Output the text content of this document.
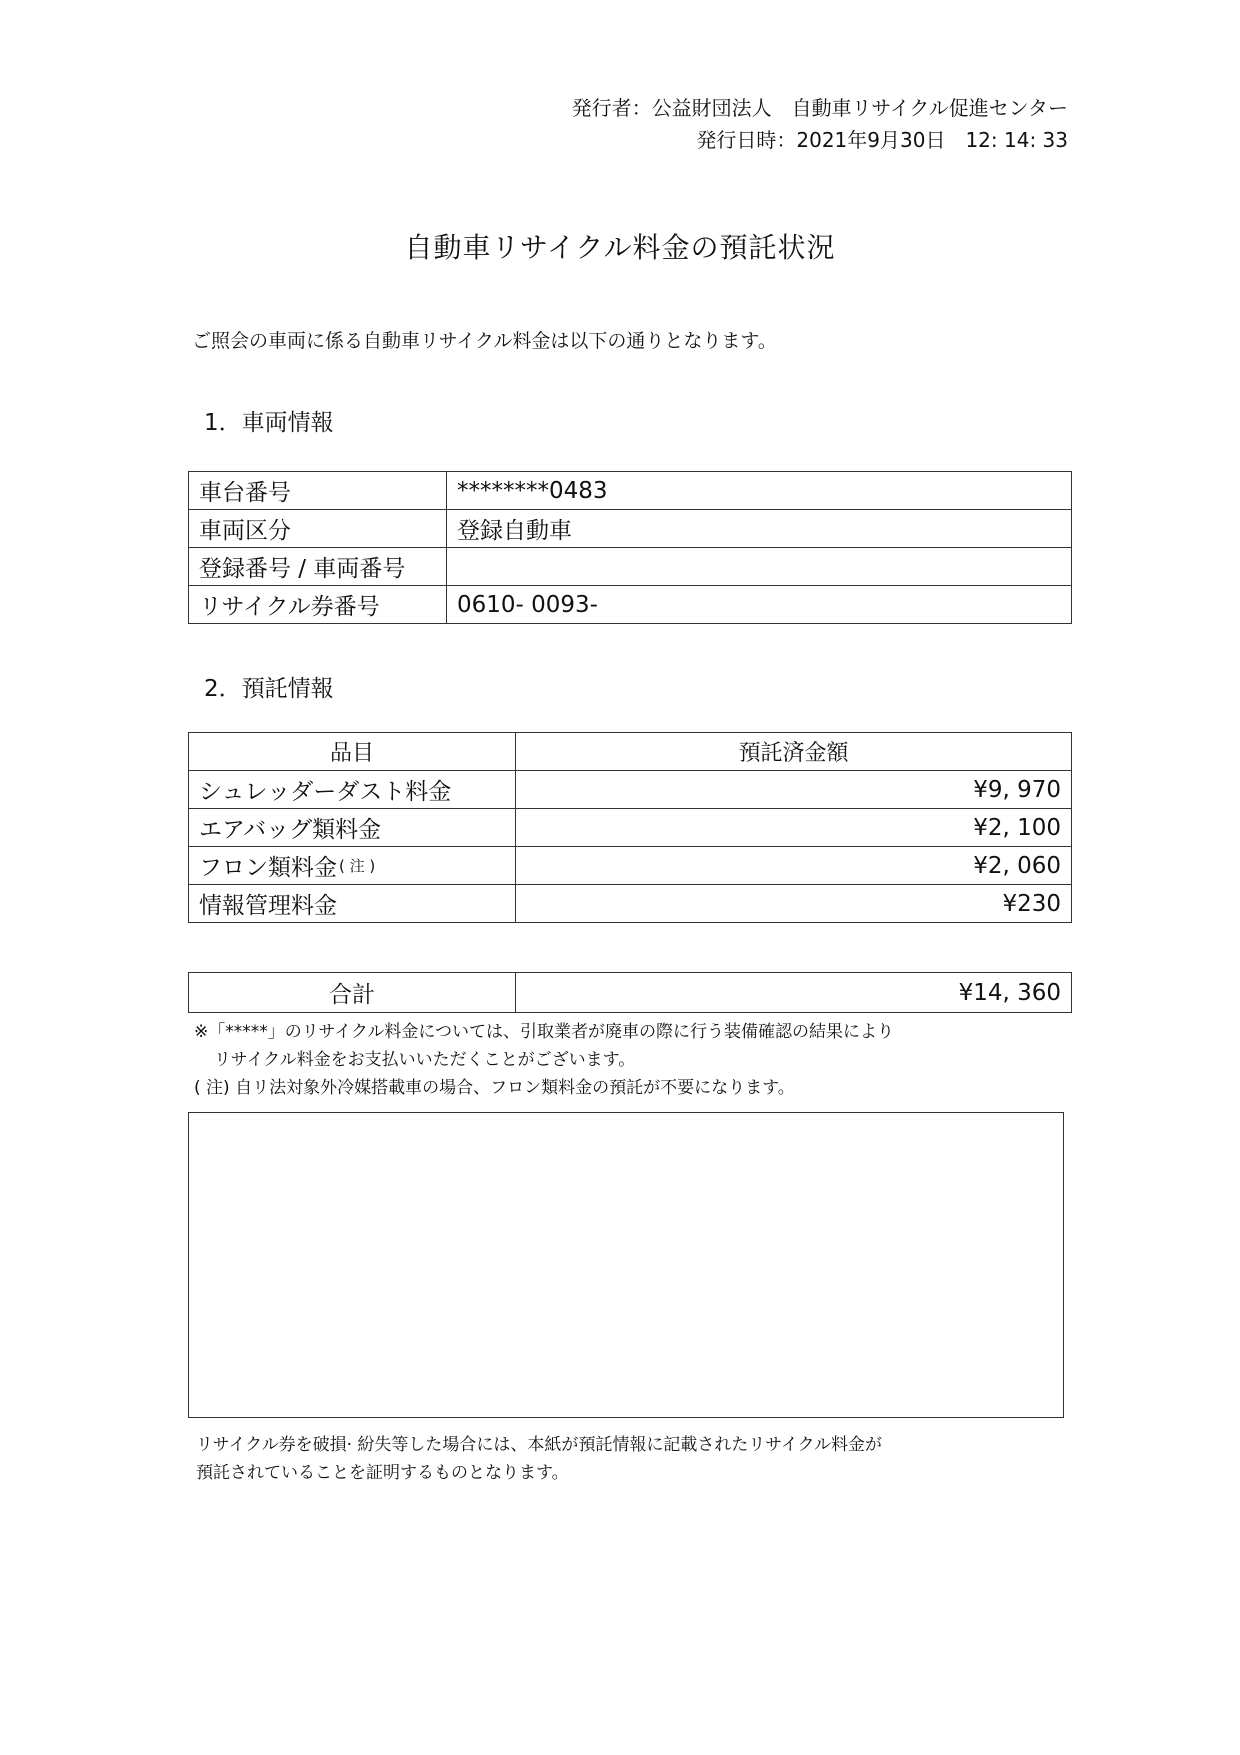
発行者：公益財団法人　自動車リサイクル促進センター
発行日時：2021年9月30日　12: 14: 33
自動車リサイクル料金の預託状況
ご照会の車両に係る自動車リサイクル料金は以下の通りとなります。
1．車両情報
車台番号	********0483
車両区分	登録自動車
登録番号 / 車両番号	
リサイクル券番号	0610- 0093-
2．預託情報
品目	預託済金額
シュレッダーダスト料金	¥9, 970
エアバッグ類料金	¥2, 100
フロン類料金 ( 注 )	¥2, 060
情報管理料金	¥230
合計	¥14, 360
※「*****」のリサイクル料金については、引取業者が廃車の際に行う装備確認の結果により
リサイクル料金をお支払いいただくことがございます。
( 注) 自リ法対象外冷媒搭載車の場合、フロン類料金の預託が不要になります。
リサイクル券を破損· 紛失等した場合には、本紙が預託情報に記載されたリサイクル料金が
預託されていることを証明するものとなります。
